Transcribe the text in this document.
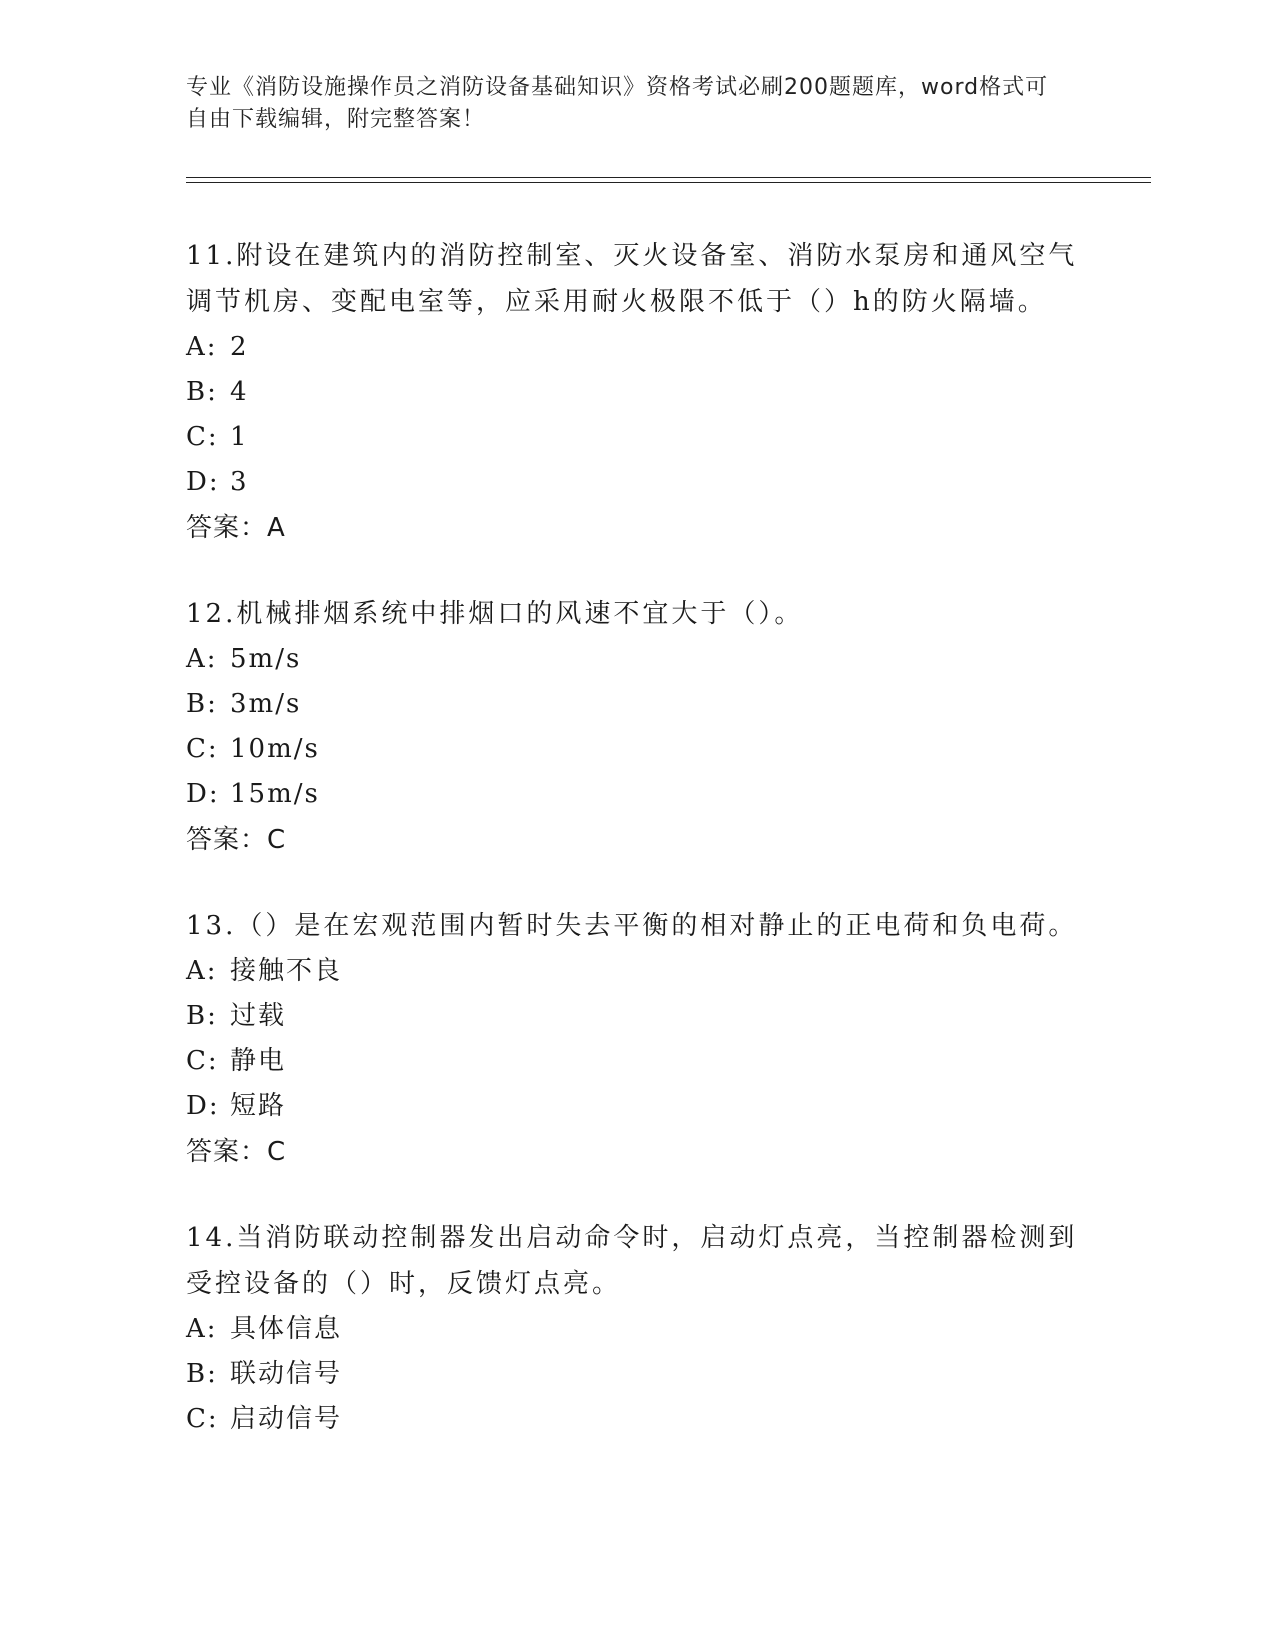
专业《消防设施操作员之消防设备基础知识》资格考试必刷200题题库，word格式可自由下载编辑，附完整答案！
11.附设在建筑内的消防控制室、灭火设备室、消防水泵房和通风空气调节机房、变配电室等，应采用耐火极限不低于（）h的防火隔墙。
A: 2
B: 4
C: 1
D: 3
答案：A
12.机械排烟系统中排烟口的风速不宜大于（）。
A: 5m/s
B: 3m/s
C: 10m/s
D: 15m/s
答案：C
13.（）是在宏观范围内暂时失去平衡的相对静止的正电荷和负电荷。
A: 接触不良
B: 过载
C: 静电
D: 短路
答案：C
14.当消防联动控制器发出启动命令时，启动灯点亮，当控制器检测到受控设备的（）时，反馈灯点亮。
A: 具体信息
B: 联动信号
C: 启动信号
